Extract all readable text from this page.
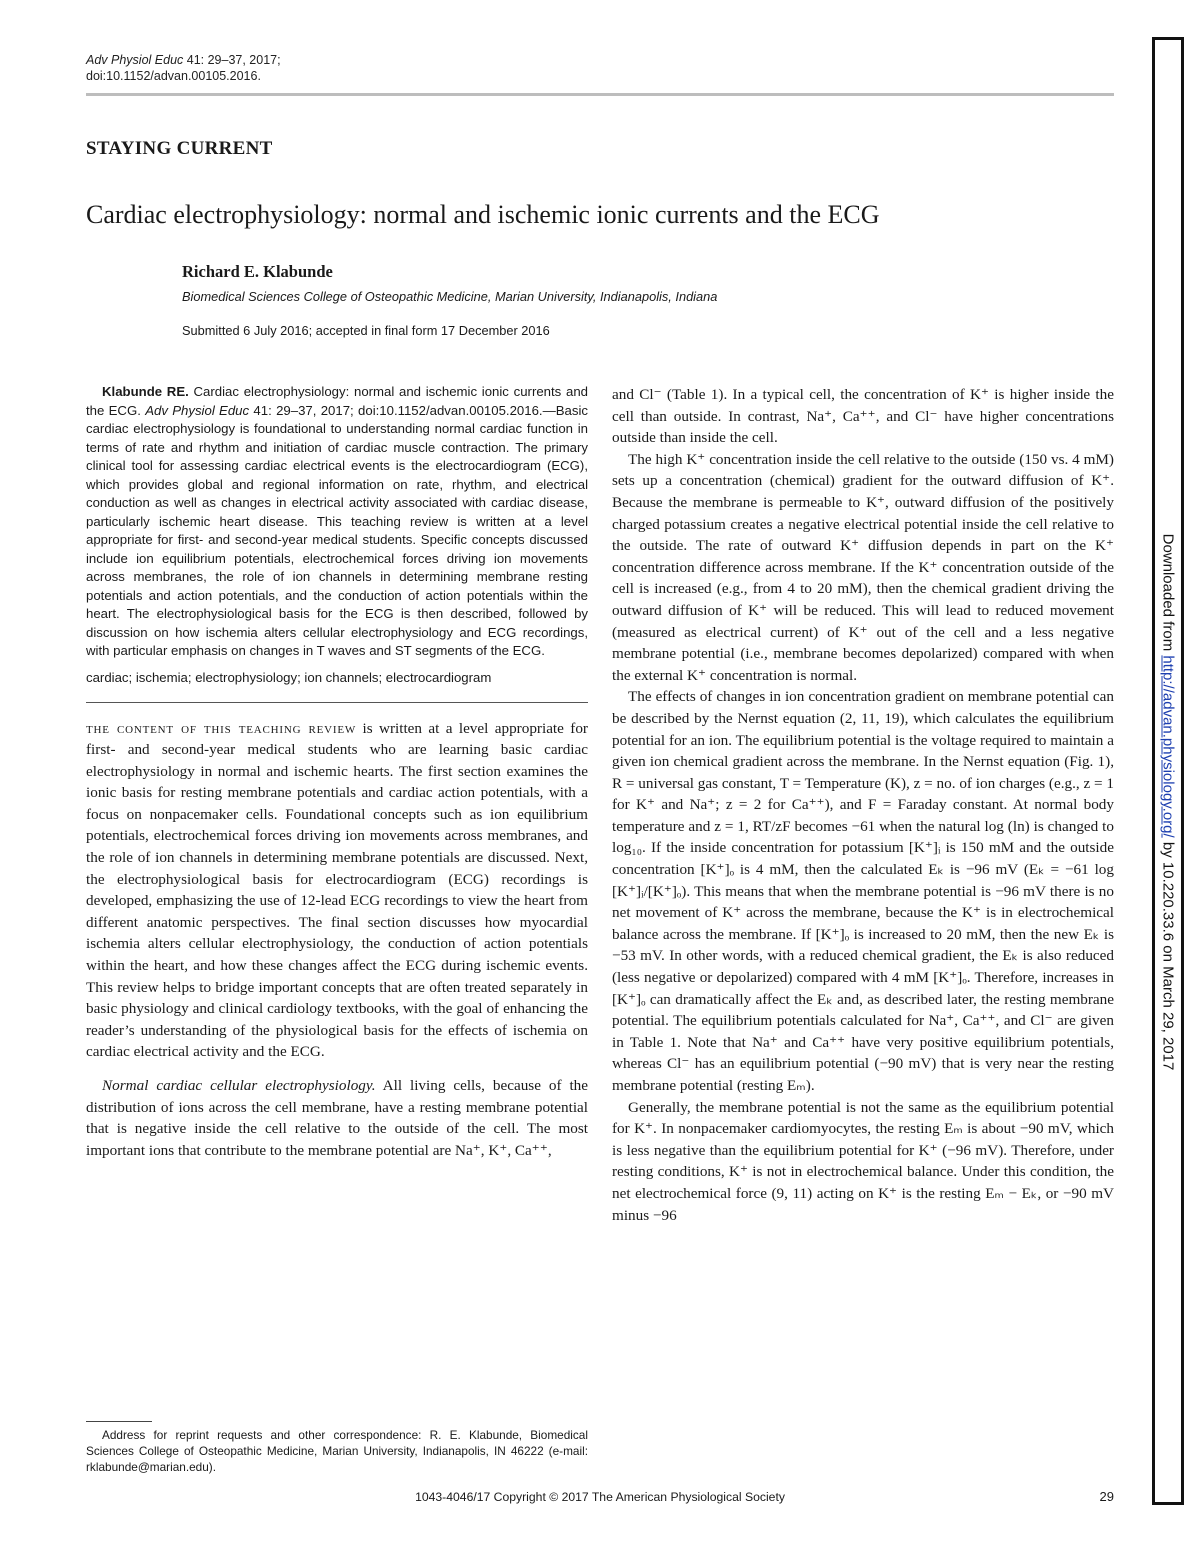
Adv Physiol Educ 41: 29–37, 2017;
doi:10.1152/advan.00105.2016.
STAYING CURRENT
Cardiac electrophysiology: normal and ischemic ionic currents and the ECG
Richard E. Klabunde
Biomedical Sciences College of Osteopathic Medicine, Marian University, Indianapolis, Indiana
Submitted 6 July 2016; accepted in final form 17 December 2016

Klabunde RE. Cardiac electrophysiology: normal and ischemic ionic currents and the ECG. Adv Physiol Educ 41: 29–37, 2017; doi:10.1152/advan.00105.2016.—Basic cardiac electrophysiology is foundational to understanding normal cardiac function in terms of rate and rhythm and initiation of cardiac muscle contraction. The primary clinical tool for assessing cardiac electrical events is the electrocardiogram (ECG), which provides global and regional information on rate, rhythm, and electrical conduction as well as changes in electrical activity associated with cardiac disease, particularly ischemic heart disease. This teaching review is written at a level appropriate for first- and second-year medical students. Specific concepts discussed include ion equilibrium potentials, electrochemical forces driving ion movements across membranes, the role of ion channels in determining membrane resting potentials and action potentials, and the conduction of action potentials within the heart. The electrophysiological basis for the ECG is then described, followed by discussion on how ischemia alters cellular electrophysiology and ECG recordings, with particular emphasis on changes in T waves and ST segments of the ECG.

cardiac; ischemia; electrophysiology; ion channels; electrocardiogram

the content of this teaching review is written at a level appropriate for first- and second-year medical students who are learning basic cardiac electrophysiology in normal and ischemic hearts. The first section examines the ionic basis for resting membrane potentials and cardiac action potentials, with a focus on nonpacemaker cells. Foundational concepts such as ion equilibrium potentials, electrochemical forces driving ion movements across membranes, and the role of ion channels in determining membrane potentials are discussed. Next, the electrophysiological basis for electrocardiogram (ECG) recordings is developed, emphasizing the use of 12-lead ECG recordings to view the heart from different anatomic perspectives. The final section discusses how myocardial ischemia alters cellular electrophysiology, the conduction of action potentials within the heart, and how these changes affect the ECG during ischemic events. This review helps to bridge important concepts that are often treated separately in basic physiology and clinical cardiology textbooks, with the goal of enhancing the reader’s understanding of the physiological basis for the effects of ischemia on cardiac electrical activity and the ECG.

Normal cardiac cellular electrophysiology. All living cells, because of the distribution of ions across the cell membrane, have a resting membrane potential that is negative inside the cell relative to the outside of the cell. The most important ions that contribute to the membrane potential are Na⁺, K⁺, Ca⁺⁺,

and Cl⁻ (Table 1). In a typical cell, the concentration of K⁺ is higher inside the cell than outside. In contrast, Na⁺, Ca⁺⁺, and Cl⁻ have higher concentrations outside than inside the cell.

The high K⁺ concentration inside the cell relative to the outside (150 vs. 4 mM) sets up a concentration (chemical) gradient for the outward diffusion of K⁺. Because the membrane is permeable to K⁺, outward diffusion of the positively charged potassium creates a negative electrical potential inside the cell relative to the outside. The rate of outward K⁺ diffusion depends in part on the K⁺ concentration difference across membrane. If the K⁺ concentration outside of the cell is increased (e.g., from 4 to 20 mM), then the chemical gradient driving the outward diffusion of K⁺ will be reduced. This will lead to reduced movement (measured as electrical current) of K⁺ out of the cell and a less negative membrane potential (i.e., membrane becomes depolarized) compared with when the external K⁺ concentration is normal.

The effects of changes in ion concentration gradient on membrane potential can be described by the Nernst equation (2, 11, 19), which calculates the equilibrium potential for an ion. The equilibrium potential is the voltage required to maintain a given ion chemical gradient across the membrane. In the Nernst equation (Fig. 1), R = universal gas constant, T = Temperature (K), z = no. of ion charges (e.g., z = 1 for K⁺ and Na⁺; z = 2 for Ca⁺⁺), and F = Faraday constant. At normal body temperature and z = 1, RT/zF becomes −61 when the natural log (ln) is changed to log₁₀. If the inside concentration for potassium [K⁺]ᵢ is 150 mM and the outside concentration [K⁺]ₒ is 4 mM, then the calculated Eₖ is −96 mV (Eₖ = −61 log [K⁺]ᵢ/[K⁺]ₒ). This means that when the membrane potential is −96 mV there is no net movement of K⁺ across the membrane, because the K⁺ is in electrochemical balance across the membrane. If [K⁺]ₒ is increased to 20 mM, then the new Eₖ is −53 mV. In other words, with a reduced chemical gradient, the Eₖ is also reduced (less negative or depolarized) compared with 4 mM [K⁺]ₒ. Therefore, increases in [K⁺]ₒ can dramatically affect the Eₖ and, as described later, the resting membrane potential. The equilibrium potentials calculated for Na⁺, Ca⁺⁺, and Cl⁻ are given in Table 1. Note that Na⁺ and Ca⁺⁺ have very positive equilibrium potentials, whereas Cl⁻ has an equilibrium potential (−90 mV) that is very near the resting membrane potential (resting Eₘ).

Generally, the membrane potential is not the same as the equilibrium potential for K⁺. In nonpacemaker cardiomyocytes, the resting Eₘ is about −90 mV, which is less negative than the equilibrium potential for K⁺ (−96 mV). Therefore, under resting conditions, K⁺ is not in electrochemical balance. Under this condition, the net electrochemical force (9, 11) acting on K⁺ is the resting Eₘ − Eₖ, or −90 mV minus −96

Address for reprint requests and other correspondence: R. E. Klabunde, Biomedical Sciences College of Osteopathic Medicine, Marian University, Indianapolis, IN 46222 (e-mail: rklabunde@marian.edu).
1043-4046/17 Copyright © 2017 The American Physiological Society	29
Downloaded from http://advan.physiology.org/ by 10.220.33.6 on March 29, 2017
